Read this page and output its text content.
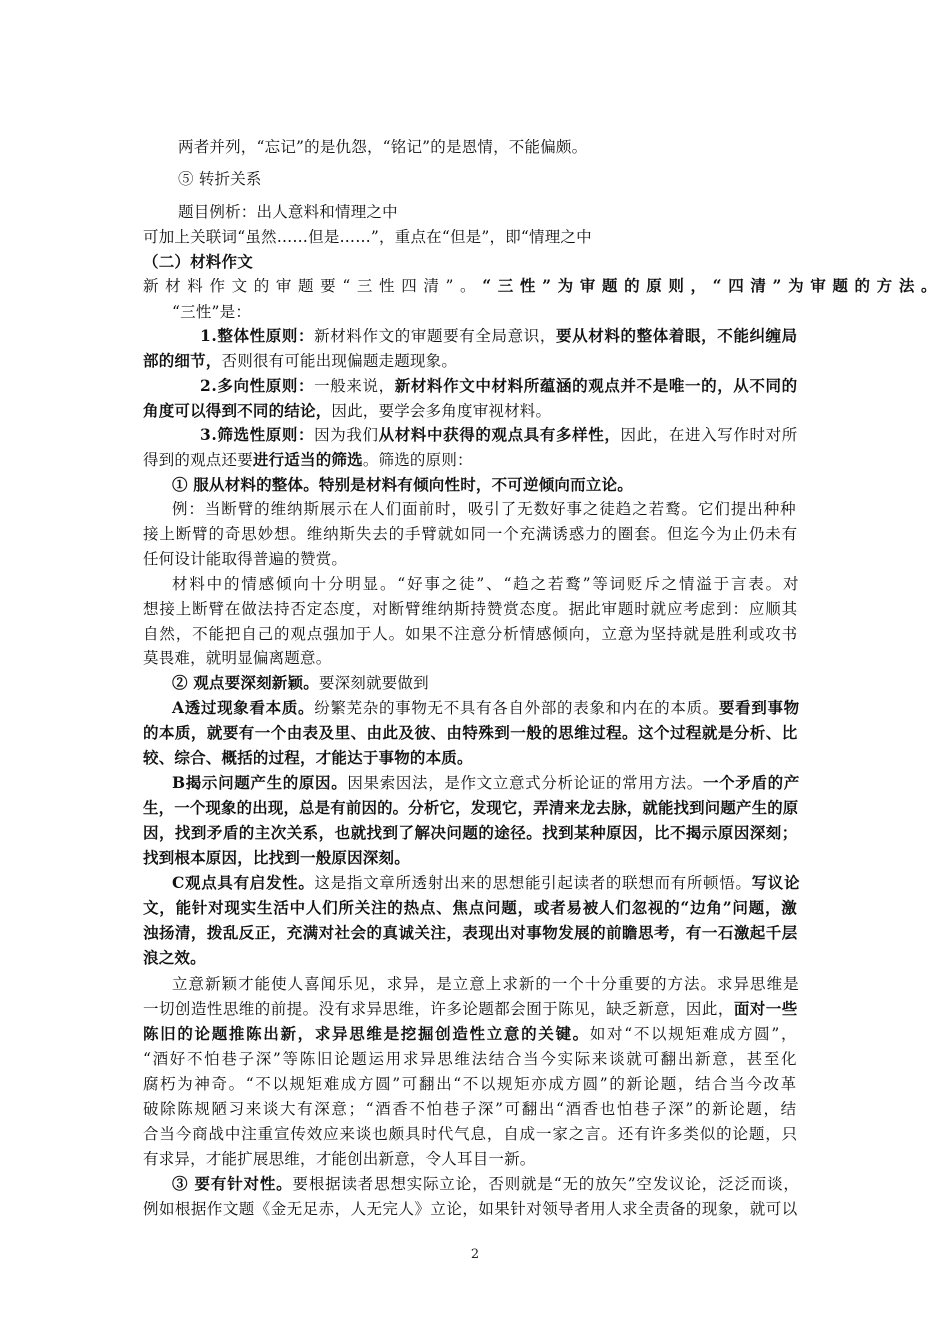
两者并列，“忘记”的是仇怨，“铭记”的是恩情，不能偏颇。
⑤ 转折关系
题目例析：出人意料和情理之中
可加上关联词“虽然……但是……”，重点在“但是”，即“情理之中
（二）材料作文
新材料作文的审题要“三性四清”。“三性”为审题的原则，“四清”为审题的方法。
“三性”是：
1.整体性原则：新材料作文的审题要有全局意识，要从材料的整体着眼，不能纠缠局
部的细节，否则很有可能出现偏题走题现象。
2.多向性原则：一般来说，新材料作文中材料所蕴涵的观点并不是唯一的，从不同的
角度可以得到不同的结论，因此，要学会多角度审视材料。
3.筛选性原则：因为我们从材料中获得的观点具有多样性，因此，在进入写作时对所
得到的观点还要进行适当的筛选。筛选的原则：
① 服从材料的整体。特别是材料有倾向性时，不可逆倾向而立论。
例：当断臂的维纳斯展示在人们面前时，吸引了无数好事之徒趋之若鹜。它们提出种种
接上断臂的奇思妙想。维纳斯失去的手臂就如同一个充满诱惑力的圈套。但迄今为止仍未有
任何设计能取得普遍的赞赏。
材料中的情感倾向十分明显。“好事之徒”、“趋之若鹜”等词贬斥之情溢于言表。对
想接上断臂在做法持否定态度，对断臂维纳斯持赞赏态度。据此审题时就应考虑到：应顺其
自然，不能把自己的观点强加于人。如果不注意分析情感倾向，立意为坚持就是胜利或攻书
莫畏难，就明显偏离题意。
② 观点要深刻新颖。要深刻就要做到
A透过现象看本质。纷繁芜杂的事物无不具有各自外部的表象和内在的本质。要看到事物
的本质，就要有一个由表及里、由此及彼、由特殊到一般的思维过程。这个过程就是分析、比
较、综合、概括的过程，才能达于事物的本质。
B揭示问题产生的原因。因果索因法，是作文立意式分析论证的常用方法。一个矛盾的产
生，一个现象的出现，总是有前因的。分析它，发现它，弄清来龙去脉，就能找到问题产生的原
因，找到矛盾的主次关系，也就找到了解决问题的途径。找到某种原因，比不揭示原因深刻；
找到根本原因，比找到一般原因深刻。
C观点具有启发性。这是指文章所透射出来的思想能引起读者的联想而有所顿悟。写议论
文，能针对现实生活中人们所关注的热点、焦点问题，或者易被人们忽视的“边角”问题，激
浊扬清，拨乱反正，充满对社会的真诚关注，表现出对事物发展的前瞻思考，有一石激起千层
浪之效。
立意新颖才能使人喜闻乐见，求异，是立意上求新的一个十分重要的方法。求异思维是
一切创造性思维的前提。没有求异思维，许多论题都会囿于陈见，缺乏新意，因此，面对一些
陈旧的论题推陈出新，求异思维是挖掘创造性立意的关键。如对“不以规矩难成方圆”，
“酒好不怕巷子深”等陈旧论题运用求异思维法结合当今实际来谈就可翻出新意，甚至化
腐朽为神奇。“不以规矩难成方圆”可翻出“不以规矩亦成方圆”的新论题，结合当今改革
破除陈规陋习来谈大有深意；“酒香不怕巷子深”可翻出“酒香也怕巷子深”的新论题，结
合当今商战中注重宣传效应来谈也颇具时代气息，自成一家之言。还有许多类似的论题，只
有求异，才能扩展思维，才能创出新意，令人耳目一新。
③ 要有针对性。要根据读者思想实际立论，否则就是“无的放矢”空发议论，泛泛而谈，
例如根据作文题《金无足赤，人无完人》立论，如果针对领导者用人求全责备的现象，就可以
2
